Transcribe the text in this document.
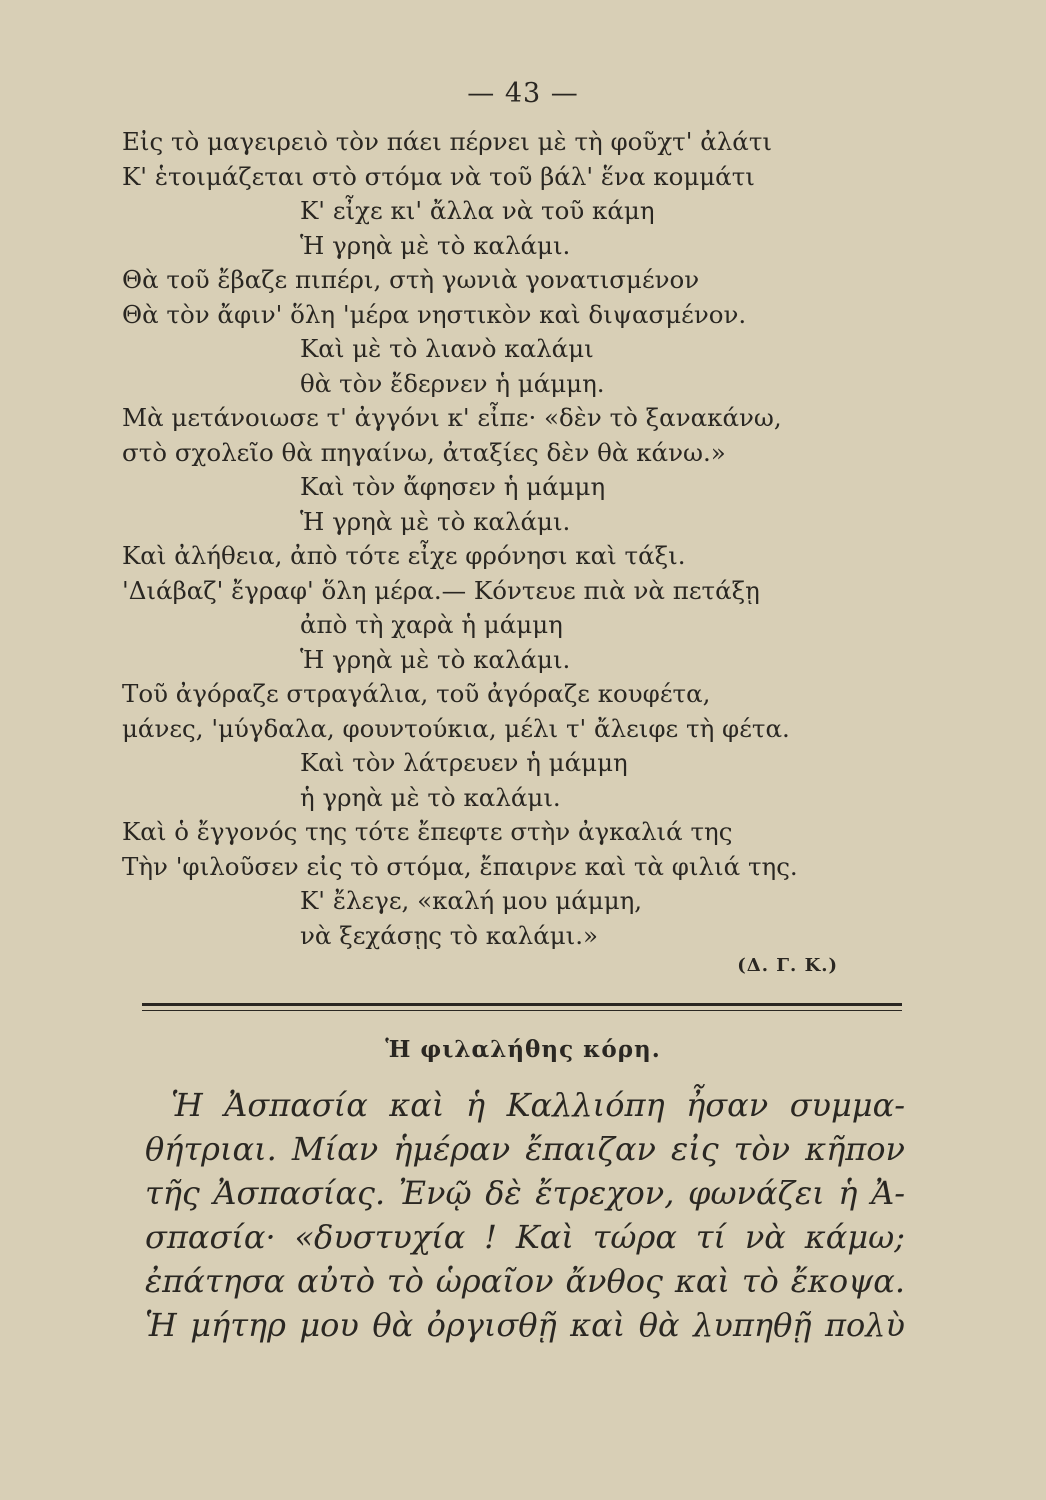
— 43 —
Εἰς τὸ μαγειρειὸ τὸν πάει πέρνει μὲ τὴ φοῦχτ' ἀλάτι
Κ' ἑτοιμάζεται στὸ στόμα νὰ τοῦ βάλ' ἕνα κομμάτι
Κ' εἶχε κι' ἄλλα νὰ τοῦ κάμη
Ἡ γρηὰ μὲ τὸ καλάμι.
Θὰ τοῦ ἔβαζε πιπέρι, στὴ γωνιὰ γονατισμένον
Θὰ τὸν ἄφιν' ὅλη 'μέρα νηστικὸν καὶ διψασμένον.
Καὶ μὲ τὸ λιανὸ καλάμι
θὰ τὸν ἔδερνεν ἡ μάμμη.
Μὰ μετάνοιωσε τ' ἀγγόνι κ' εἶπε· «δὲν τὸ ξανακάνω,
στὸ σχολεῖο θὰ πηγαίνω, ἀταξίες δὲν θὰ κάνω.»
Καὶ τὸν ἄφησεν ἡ μάμμη
Ἡ γρηὰ μὲ τὸ καλάμι.
Καὶ ἀλήθεια, ἀπὸ τότε εἶχε φρόνησι καὶ τάξι.
'Διάβαζ' ἔγραφ' ὅλη μέρα.— Κόντευε πιὰ νὰ πετάξῃ
ἀπὸ τὴ χαρὰ ἡ μάμμη
Ἡ γρηὰ μὲ τὸ καλάμι.
Τοῦ ἀγόραζε στραγάλια, τοῦ ἀγόραζε κουφέτα,
μάνες, 'μύγδαλα, φουντούκια, μέλι τ' ἄλειφε τὴ φέτα.
Καὶ τὸν λάτρευεν ἡ μάμμη
ἡ γρηὰ μὲ τὸ καλάμι.
Καὶ ὁ ἔγγονός της τότε ἔπεφτε στὴν ἀγκαλιά της
Τὴν 'φιλοῦσεν εἰς τὸ στόμα, ἔπαιρνε καὶ τὰ φιλιά της.
Κ' ἔλεγε, «καλή μου μάμμη,
νὰ ξεχάσῃς τὸ καλάμι.»
(Δ. Γ. Κ.)
Ἡ φιλαλήθης κόρη.
Ἡ Ἀσπασία καὶ ἡ Καλλιόπη ἦσαν συμμα-
θήτριαι. Μίαν ἡμέραν ἔπαιζαν εἰς τὸν κῆπον
τῆς Ἀσπασίας. Ἐνῷ δὲ ἔτρεχον, φωνάζει ἡ Ἀ-
σπασία· «δυστυχία ! Καὶ τώρα τί νὰ κάμω;
ἐπάτησα αὐτὸ τὸ ὡραῖον ἄνθος καὶ τὸ ἔκοψα.
Ἡ μήτηρ μου θὰ ὀργισθῇ καὶ θὰ λυπηθῇ πολὺ
